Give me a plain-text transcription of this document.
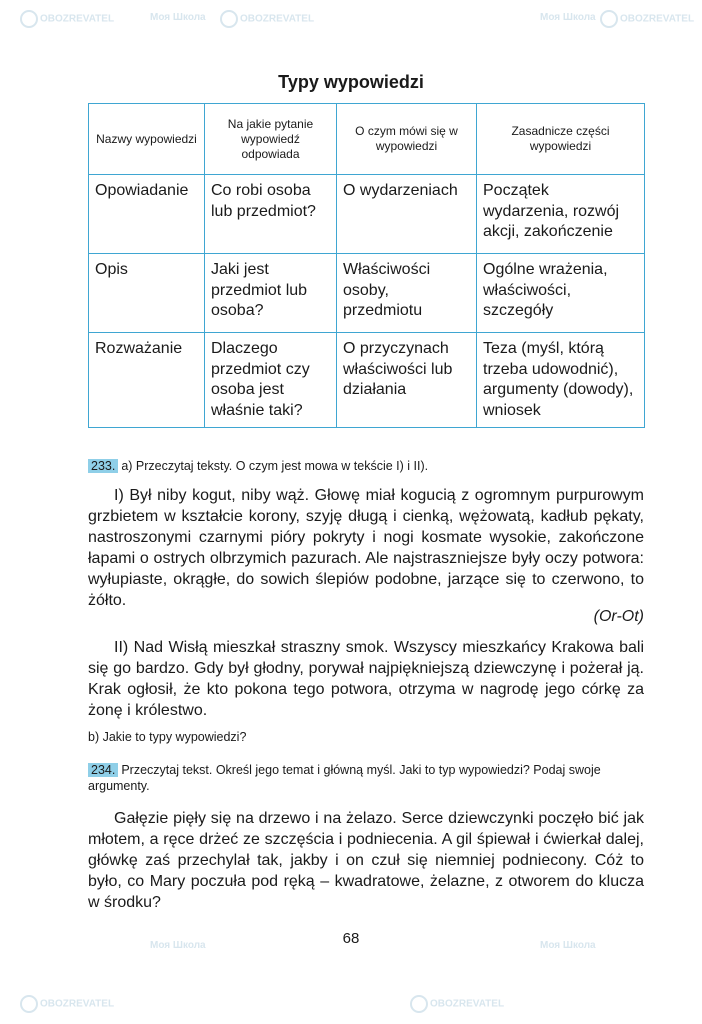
OBOZREVATEL	OBOZREVATEL	OBOZREVATEL
Моя Школа	Моя Школа
OBOZREVATEL	OBOZREVATEL
Моя Школа
Моя Школа
Typy wypowiedzi
Nazwy wypowiedzi	Na jakie pytanie wypowiedź odpowiada	O czym mówi się w wypowiedzi	Zasadnicze części wypowiedzi
Opowiadanie	Co robi osoba lub przedmiot?	O wydarzeniach	Początek wydarzenia, rozwój akcji, zakończenie
Opis	Jaki jest przedmiot lub osoba?	Właściwości osoby, przedmiotu	Ogólne wrażenia, właściwości, szczegóły
Rozważanie	Dlaczego przedmiot czy osoba jest właśnie taki?	O przyczynach właściwości lub działania	Teza (myśl, którą trzeba udowodnić), argumenty (dowody), wniosek
233. a) Przeczytaj teksty. O czym jest mowa w tekście I) i II).
I) Był niby kogut, niby wąż. Głowę miał kogucią z ogromnym purpurowym grzbietem w kształcie korony, szyję długą i cienką, wężowatą, kadłub pękaty, nastroszonymi czarnymi pióry pokryty i nogi kosmate wysokie, zakończone łapami o ostrych olbrzymich pazurach. Ale najstraszniejsze były oczy potwora: wyłupiaste, okrągłe, do sowich ślepiów podobne, jarzące się to czerwono, to żółto.
(Or-Ot)
II) Nad Wisłą mieszkał straszny smok. Wszyscy mieszkańcy Krakowa bali się go bardzo. Gdy był głodny, porywał najpiękniejszą dziewczynę i pożerał ją. Krak ogłosił, że kto pokona tego potwora, otrzyma w nagrodę jego córkę za żonę i królestwo.
b) Jakie to typy wypowiedzi?
234. Przeczytaj tekst. Określ jego temat i główną myśl. Jaki to typ wypowiedzi? Podaj swoje argumenty.
Gałęzie pięły się na drzewo i na żelazo. Serce dziewczynki poczęło bić jak młotem, a ręce drżeć ze szczęścia i podniecenia. A gil śpiewał i ćwierkał dalej, główkę zaś przechylał tak, jakby i on czuł się niemniej podniecony. Cóż to było, co Mary poczuła pod ręką – kwadratowe, żelazne, z otworem do klucza w środku?
68
